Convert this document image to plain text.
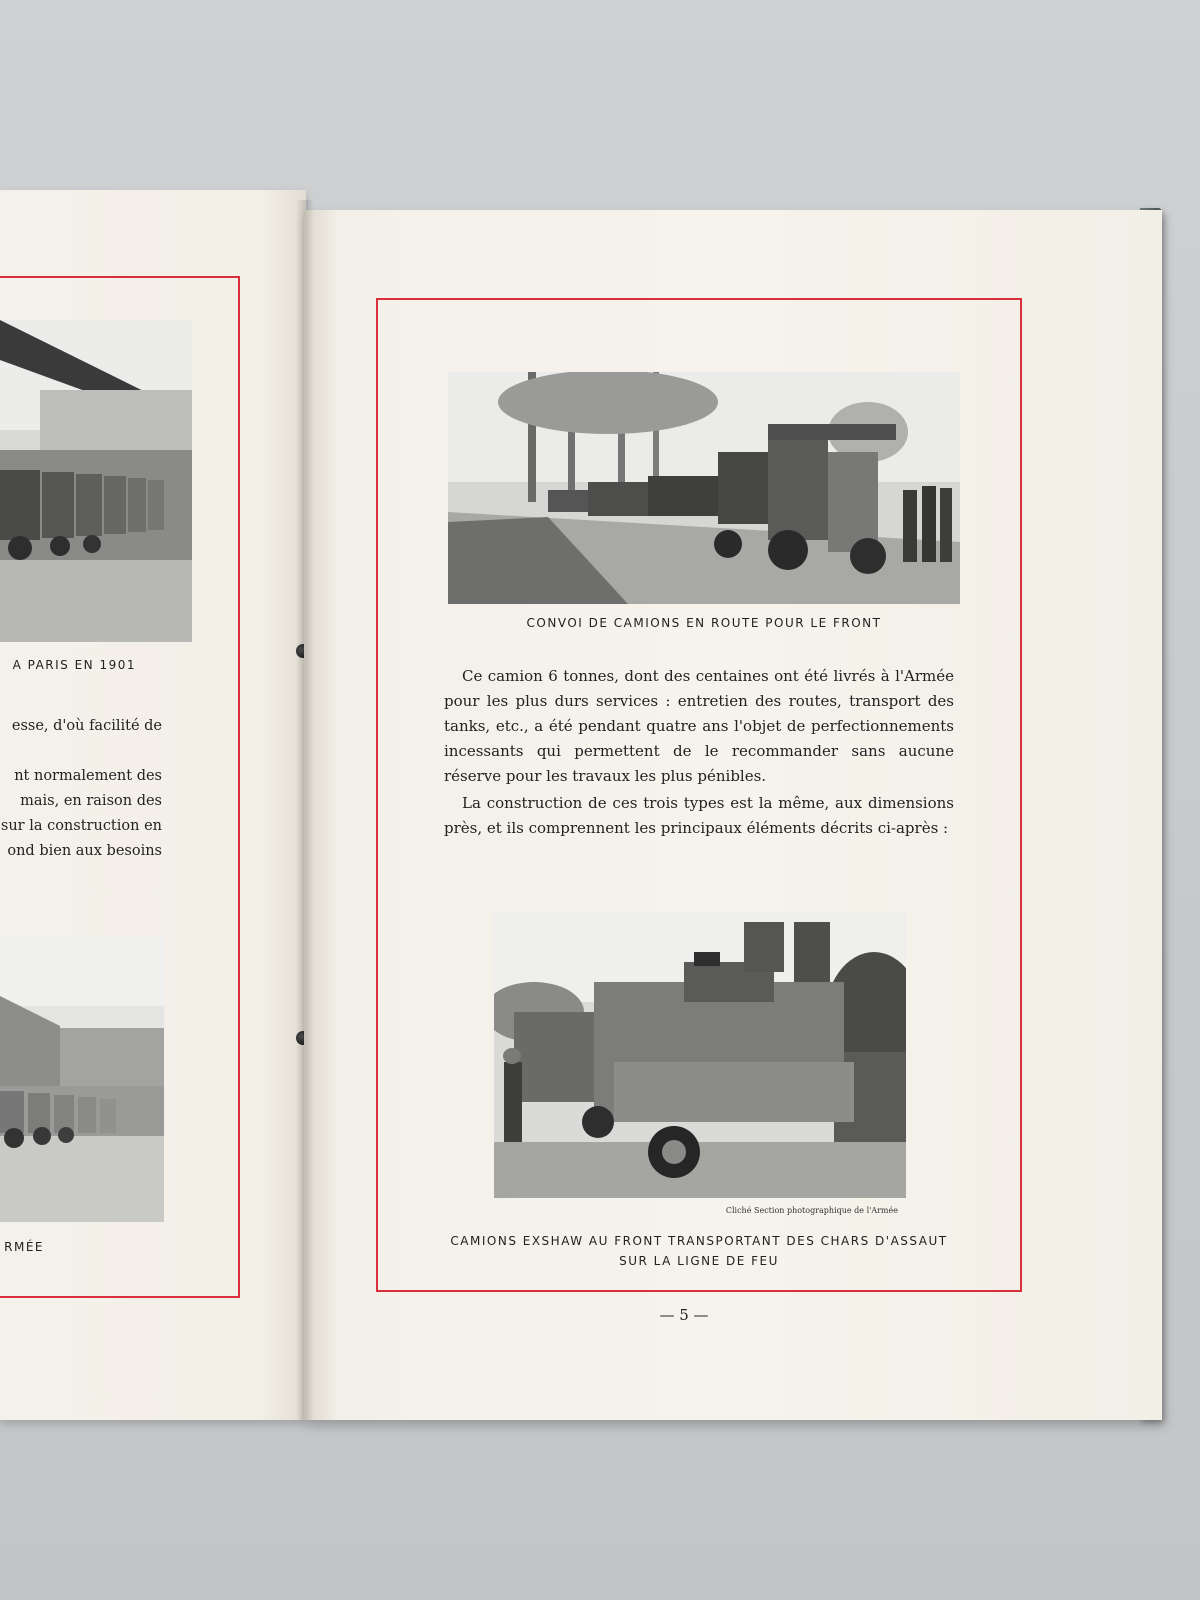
A PARIS EN 1901
esse, d'où facilité de
nt normalement des
mais, en raison des
sur la construction en
ond bien aux besoins
RMÉE
CONVOI DE CAMIONS EN ROUTE POUR LE FRONT

Ce camion 6 tonnes, dont des centaines ont été livrés à l'Armée pour les plus durs services : entretien des routes, transport des tanks, etc., a été pendant quatre ans l'objet de perfectionnements incessants qui permettent de le recommander sans aucune réserve pour les travaux les plus pénibles.

La construction de ces trois types est la même, aux dimensions près, et ils comprennent les principaux éléments décrits ci-après :

Cliché Section photographique de l'Armée
CAMIONS EXSHAW AU FRONT TRANSPORTANT DES CHARS D'ASSAUT
SUR LA LIGNE DE FEU
— 5 —
